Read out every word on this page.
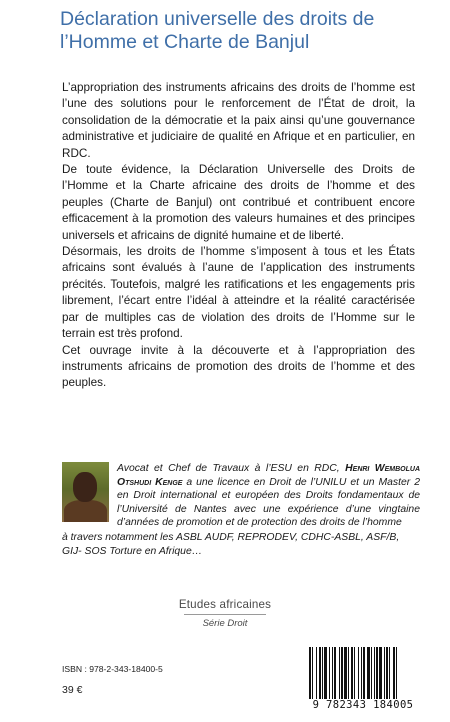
Déclaration universelle des droits de l’Homme et Charte de Banjul

L’appropriation des instruments africains des droits de l’homme est l’une des solutions pour le renforcement de l’État de droit, la consolidation de la démocratie et la paix ainsi qu’une gouvernance administrative et judiciaire de qualité en Afrique et en particulier, en RDC.

De toute évidence, la Déclaration Universelle des Droits de l’Homme et la Charte africaine des droits de l’homme et des peuples (Charte de Banjul) ont contribué et contribuent encore efficacement à la promotion des valeurs humaines et des principes universels et africains de dignité humaine et de liberté.

Désormais, les droits de l’homme s’imposent à tous et les États africains sont évalués à l’aune de l’application des instruments précités. Toutefois, malgré les ratifications et les engagements pris librement, l’écart entre l’idéal à atteindre et la réalité caractérisée par de multiples cas de violation des droits de l’Homme sur le terrain est très profond.

Cet ouvrage invite à la découverte et à l’appropriation des instruments africains de promotion des droits de l’homme et des peuples.

Avocat et Chef de Travaux à l’ESU en RDC, Henri Wembolua Otshudi Kenge a une licence en Droit de l’UNILU et un Master 2 en Droit international et européen des Droits fondamentaux de l’Université de Nantes avec une expérience d’une vingtaine d’années de promotion et de protection des droits de l’homme

à travers notamment les ASBL AUDF, REPRODEV, CDHC-ASBL, ASF/B, GIJ- SOS Torture en Afrique…

Etudes africaines
Série Droit
ISBN : 978-2-343-18400-5
39 €
9 782343 184005
